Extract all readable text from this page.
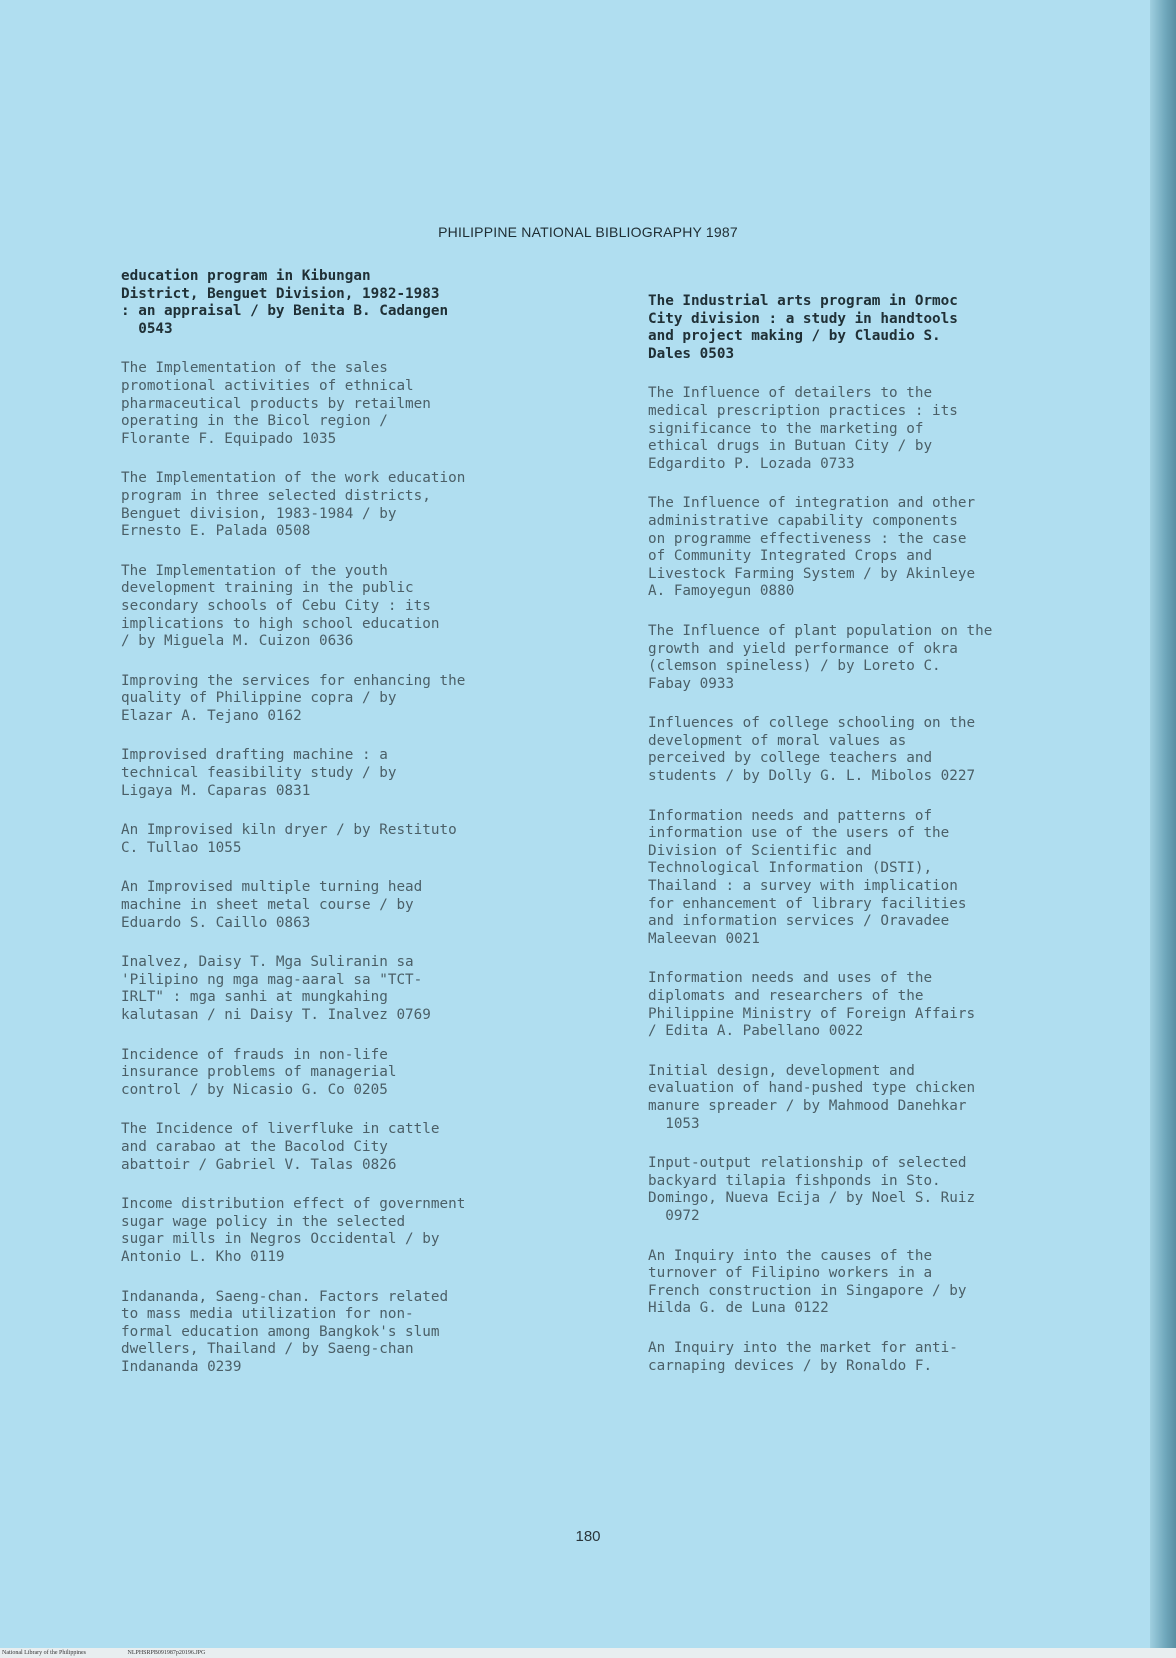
PHILIPPINE NATIONAL BIBLIOGRAPHY 1987
education program in Kibungan
District, Benguet Division, 1982-1983
: an appraisal / by Benita B. Cadangen
0543
The Implementation of the sales
promotional activities of ethnical
pharmaceutical products by retailmen
operating in the Bicol region /
Florante F. Equipado 1035
The Implementation of the work education
program in three selected districts,
Benguet division, 1983-1984 / by
Ernesto E. Palada 0508
The Implementation of the youth
development training in the public
secondary schools of Cebu City : its
implications to high school education
/ by Miguela M. Cuizon 0636
Improving the services for enhancing the
quality of Philippine copra / by
Elazar A. Tejano 0162
Improvised drafting machine : a
technical feasibility study / by
Ligaya M. Caparas 0831
An Improvised kiln dryer / by Restituto
C. Tullao 1055
An Improvised multiple turning head
machine in sheet metal course / by
Eduardo S. Caillo 0863
Inalvez, Daisy T. Mga Suliranin sa
'Pilipino ng mga mag-aaral sa "TCT-
IRLT" : mga sanhi at mungkahing
kalutasan / ni Daisy T. Inalvez 0769
Incidence of frauds in non-life
insurance problems of managerial
control / by Nicasio G. Co 0205
The Incidence of liverfluke in cattle
and carabao at the Bacolod City
abattoir / Gabriel V. Talas 0826
Income distribution effect of government
sugar wage policy in the selected
sugar mills in Negros Occidental / by
Antonio L. Kho 0119
Indananda, Saeng-chan. Factors related
to mass media utilization for non-
formal education among Bangkok's slum
dwellers, Thailand / by Saeng-chan
Indananda 0239
The Industrial arts program in Ormoc
City division : a study in handtools
and project making / by Claudio S.
Dales 0503
The Influence of detailers to the
medical prescription practices : its
significance to the marketing of
ethical drugs in Butuan City / by
Edgardito P. Lozada 0733
The Influence of integration and other
administrative capability components
on programme effectiveness : the case
of Community Integrated Crops and
Livestock Farming System / by Akinleye
A. Famoyegun 0880
The Influence of plant population on the
growth and yield performance of okra
(clemson spineless) / by Loreto C.
Fabay 0933
Influences of college schooling on the
development of moral values as
perceived by college teachers and
students / by Dolly G. L. Mibolos 0227
Information needs and patterns of
information use of the users of the
Division of Scientific and
Technological Information (DSTI),
Thailand : a survey with implication
for enhancement of library facilities
and information services / Oravadee
Maleevan 0021
Information needs and uses of the
diplomats and researchers of the
Philippine Ministry of Foreign Affairs
/ Edita A. Pabellano 0022
Initial design, development and
evaluation of hand-pushed type chicken
manure spreader / by Mahmood Danehkar
1053
Input-output relationship of selected
backyard tilapia fishponds in Sto.
Domingo, Nueva Ecija / by Noel S. Ruiz
0972
An Inquiry into the causes of the
turnover of Filipino workers in a
French construction in Singapore / by
Hilda G. de Luna 0122
An Inquiry into the market for anti-
carnaping devices / by Ronaldo F.
180
National Library of the Philippines	NLPHSRPB091987p20196.JPG
